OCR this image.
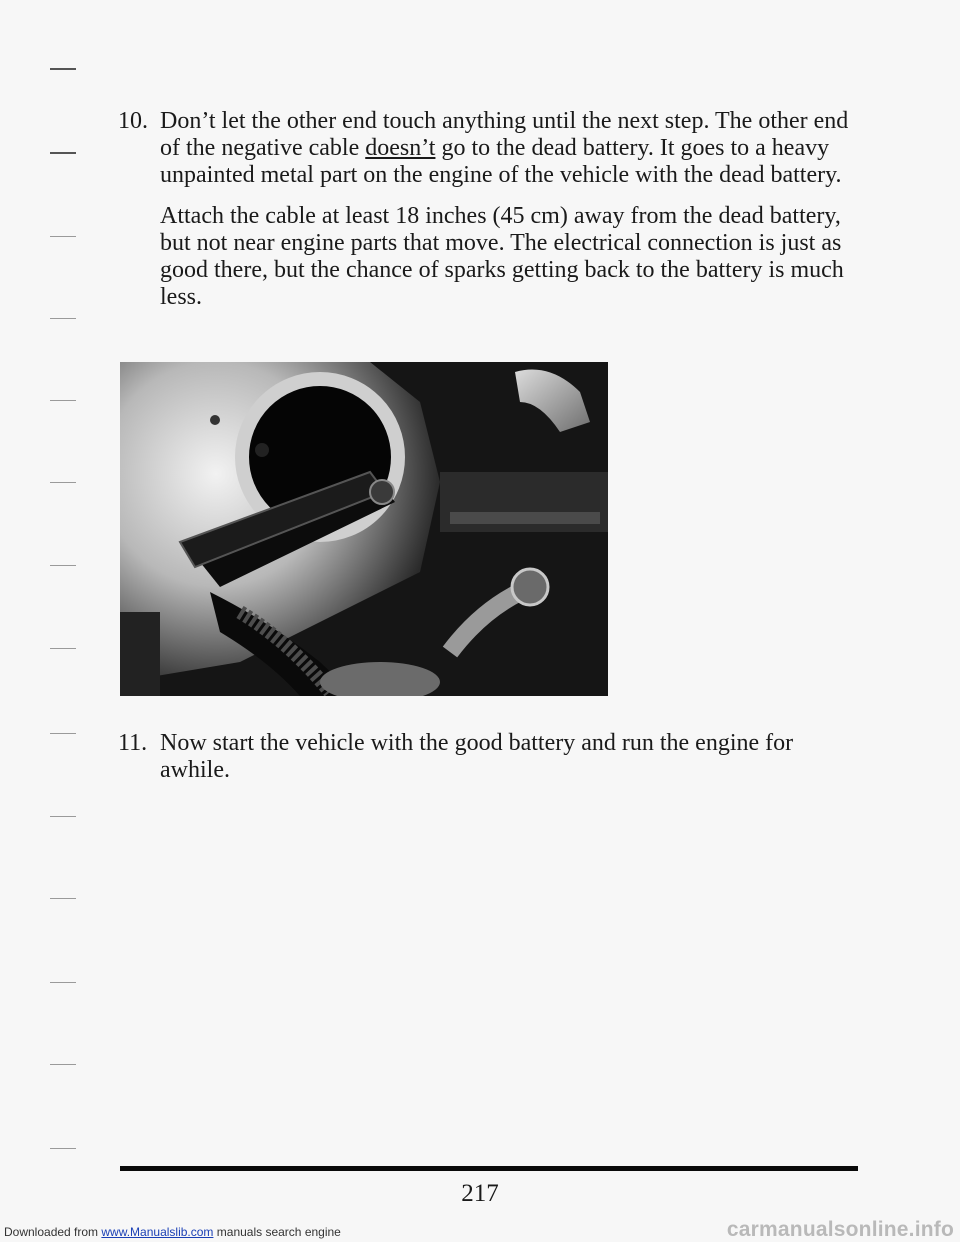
10. Don’t let the other end touch anything until the next step. The other end of the negative cable doesn’t go to the dead battery. It goes to a heavy unpainted metal part on the engine of the vehicle with the dead battery.

Attach the cable at least 18 inches (45 cm) away from the dead battery, but not near engine parts that move. The electrical connection is just as good there, but the chance of sparks getting back to the battery is much less.

11. Now start the vehicle with the good battery and run the engine for awhile.

217
Downloaded from www.Manualslib.com manuals search engine	carmanualsonline.info
